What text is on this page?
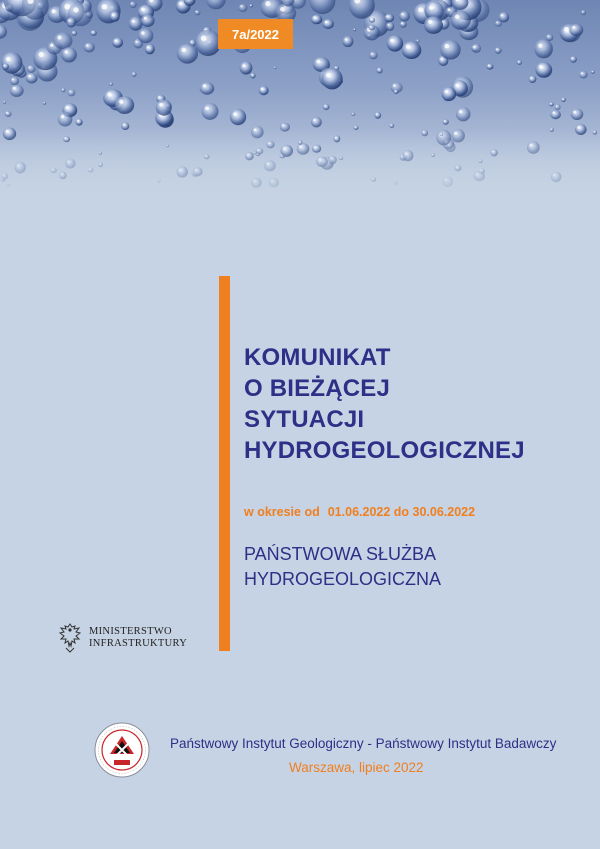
7a/2022
KOMUNIKAT
O BIEŻĄCEJ
SYTUACJI
HYDROGEOLOGICZNEJ

w okresie od 01.06.2022 do 30.06.2022

PAŃSTWOWA SŁUŻBA
HYDROGEOLOGICZNA

MINISTERSTWO
INFRASTRUKTURY

Państwowy Instytut Geologiczny - Państwowy Instytut Badawczy

Warszawa, lipiec 2022
